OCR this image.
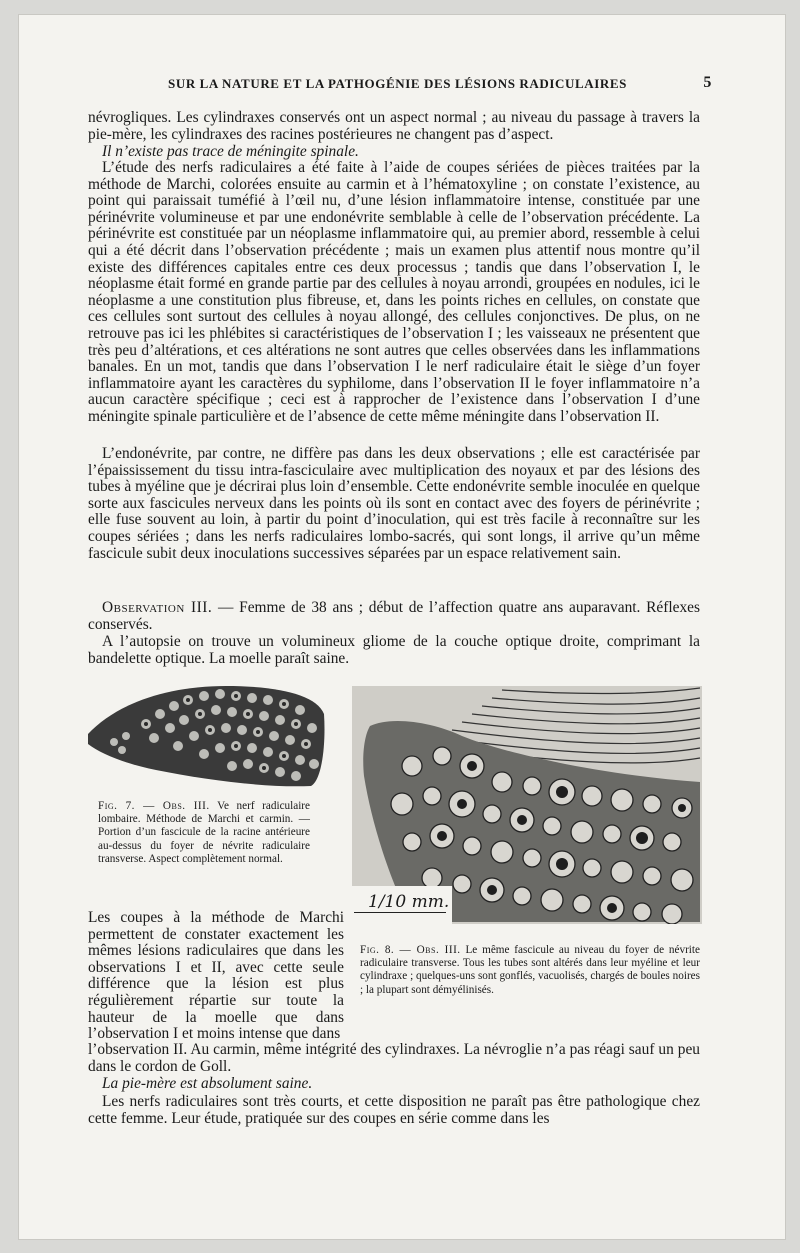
SUR LA NATURE ET LA PATHOGÉNIE DES LÉSIONS RADICULAIRES	5

névrogliques. Les cylindraxes conservés ont un aspect normal ; au niveau du passage à travers la pie-mère, les cylindraxes des racines postérieures ne changent pas d’aspect.

Il n’existe pas trace de méningite spinale.

L’étude des nerfs radiculaires a été faite à l’aide de coupes sériées de pièces traitées par la méthode de Marchi, colorées ensuite au carmin et à l’hématoxyline ; on constate l’existence, au point qui paraissait tuméfié à l’œil nu, d’une lésion inflammatoire intense, constituée par une périnévrite volumineuse et par une endonévrite semblable à celle de l’observation précédente. La périnévrite est constituée par un néoplasme inflammatoire qui, au premier abord, ressemble à celui qui a été décrit dans l’observation précédente ; mais un examen plus attentif nous montre qu’il existe des différences capitales entre ces deux processus ; tandis que dans l’observation I, le néoplasme était formé en grande partie par des cellules à noyau arrondi, groupées en nodules, ici le néoplasme a une constitution plus fibreuse, et, dans les points riches en cellules, on constate que ces cellules sont surtout des cellules à noyau allongé, des cellules conjonctives. De plus, on ne retrouve pas ici les phlébites si caractéristiques de l’observation I ; les vaisseaux ne présentent que très peu d’altérations, et ces altérations ne sont autres que celles observées dans les inflammations banales. En un mot, tandis que dans l’observation I le nerf radiculaire était le siège d’un foyer inflammatoire ayant les caractères du syphilome, dans l’observation II le foyer inflammatoire n’a aucun caractère spécifique ; ceci est à rapprocher de l’existence dans l’observation I d’une méningite spinale particulière et de l’absence de cette même méningite dans l’observation II.

L’endonévrite, par contre, ne diffère pas dans les deux observations ; elle est caractérisée par l’épaississement du tissu intra-fasciculaire avec multiplication des noyaux et par des lésions des tubes à myéline que je décrirai plus loin d’ensemble. Cette endonévrite semble inoculée en quelque sorte aux fascicules nerveux dans les points où ils sont en contact avec des foyers de périnévrite ; elle fuse souvent au loin, à partir du point d’inoculation, qui est très facile à reconnaître sur les coupes sériées ; dans les nerfs radiculaires lombo-sacrés, qui sont longs, il arrive qu’un même fascicule subit deux inoculations successives séparées par un espace relativement sain.

Observation III. — Femme de 38 ans ; début de l’affection quatre ans auparavant. Réflexes conservés.

A l’autopsie on trouve un volumineux gliome de la couche optique droite, comprimant la bandelette optique. La moelle paraît saine.

Fig. 7. — Obs. III. Ve nerf radiculaire lombaire. Méthode de Marchi et carmin. — Portion d’un fascicule de la racine antérieure au-dessus du foyer de névrite radiculaire transverse. Aspect complètement normal.

1/10 mm.

Les coupes à la méthode de Marchi permettent de constater exactement les mêmes lésions radiculaires que dans les observations I et II, avec cette seule différence que la lésion est plus régulièrement répartie sur toute la hauteur de la moelle que dans l’observation I et moins intense que dans

Fig. 8. — Obs. III. Le même fascicule au niveau du foyer de névrite radiculaire transverse. Tous les tubes sont altérés dans leur myéline et leur cylindraxe ; quelques-uns sont gonflés, vacuolisés, chargés de boules noires ; la plupart sont démyélinisés.

l’observation II. Au carmin, même intégrité des cylindraxes. La névroglie n’a pas réagi sauf un peu dans le cordon de Goll.

La pie-mère est absolument saine.

Les nerfs radiculaires sont très courts, et cette disposition ne paraît pas être pathologique chez cette femme. Leur étude, pratiquée sur des coupes en série comme dans les
